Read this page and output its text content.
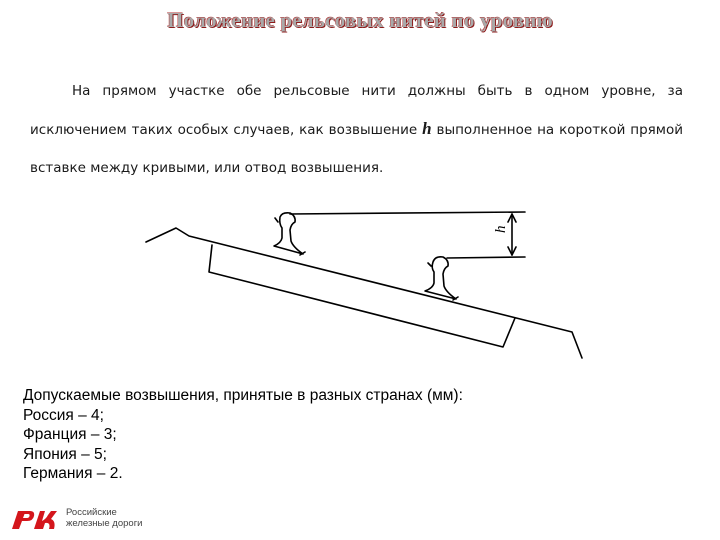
Положение рельсовых нитей по уровню

На прямом участке обе рельсовые нити должны быть в одном уровне, за исключением таких особых случаев, как возвышение h выполненное на короткой прямой вставке между кривыми, или отвод возвышения.

h
Допускаемые возвышения, принятые в разных странах (мм):
Россия – 4;
Франция – 3;
Япония – 5;
Германия – 2.
Российские
железные дороги
